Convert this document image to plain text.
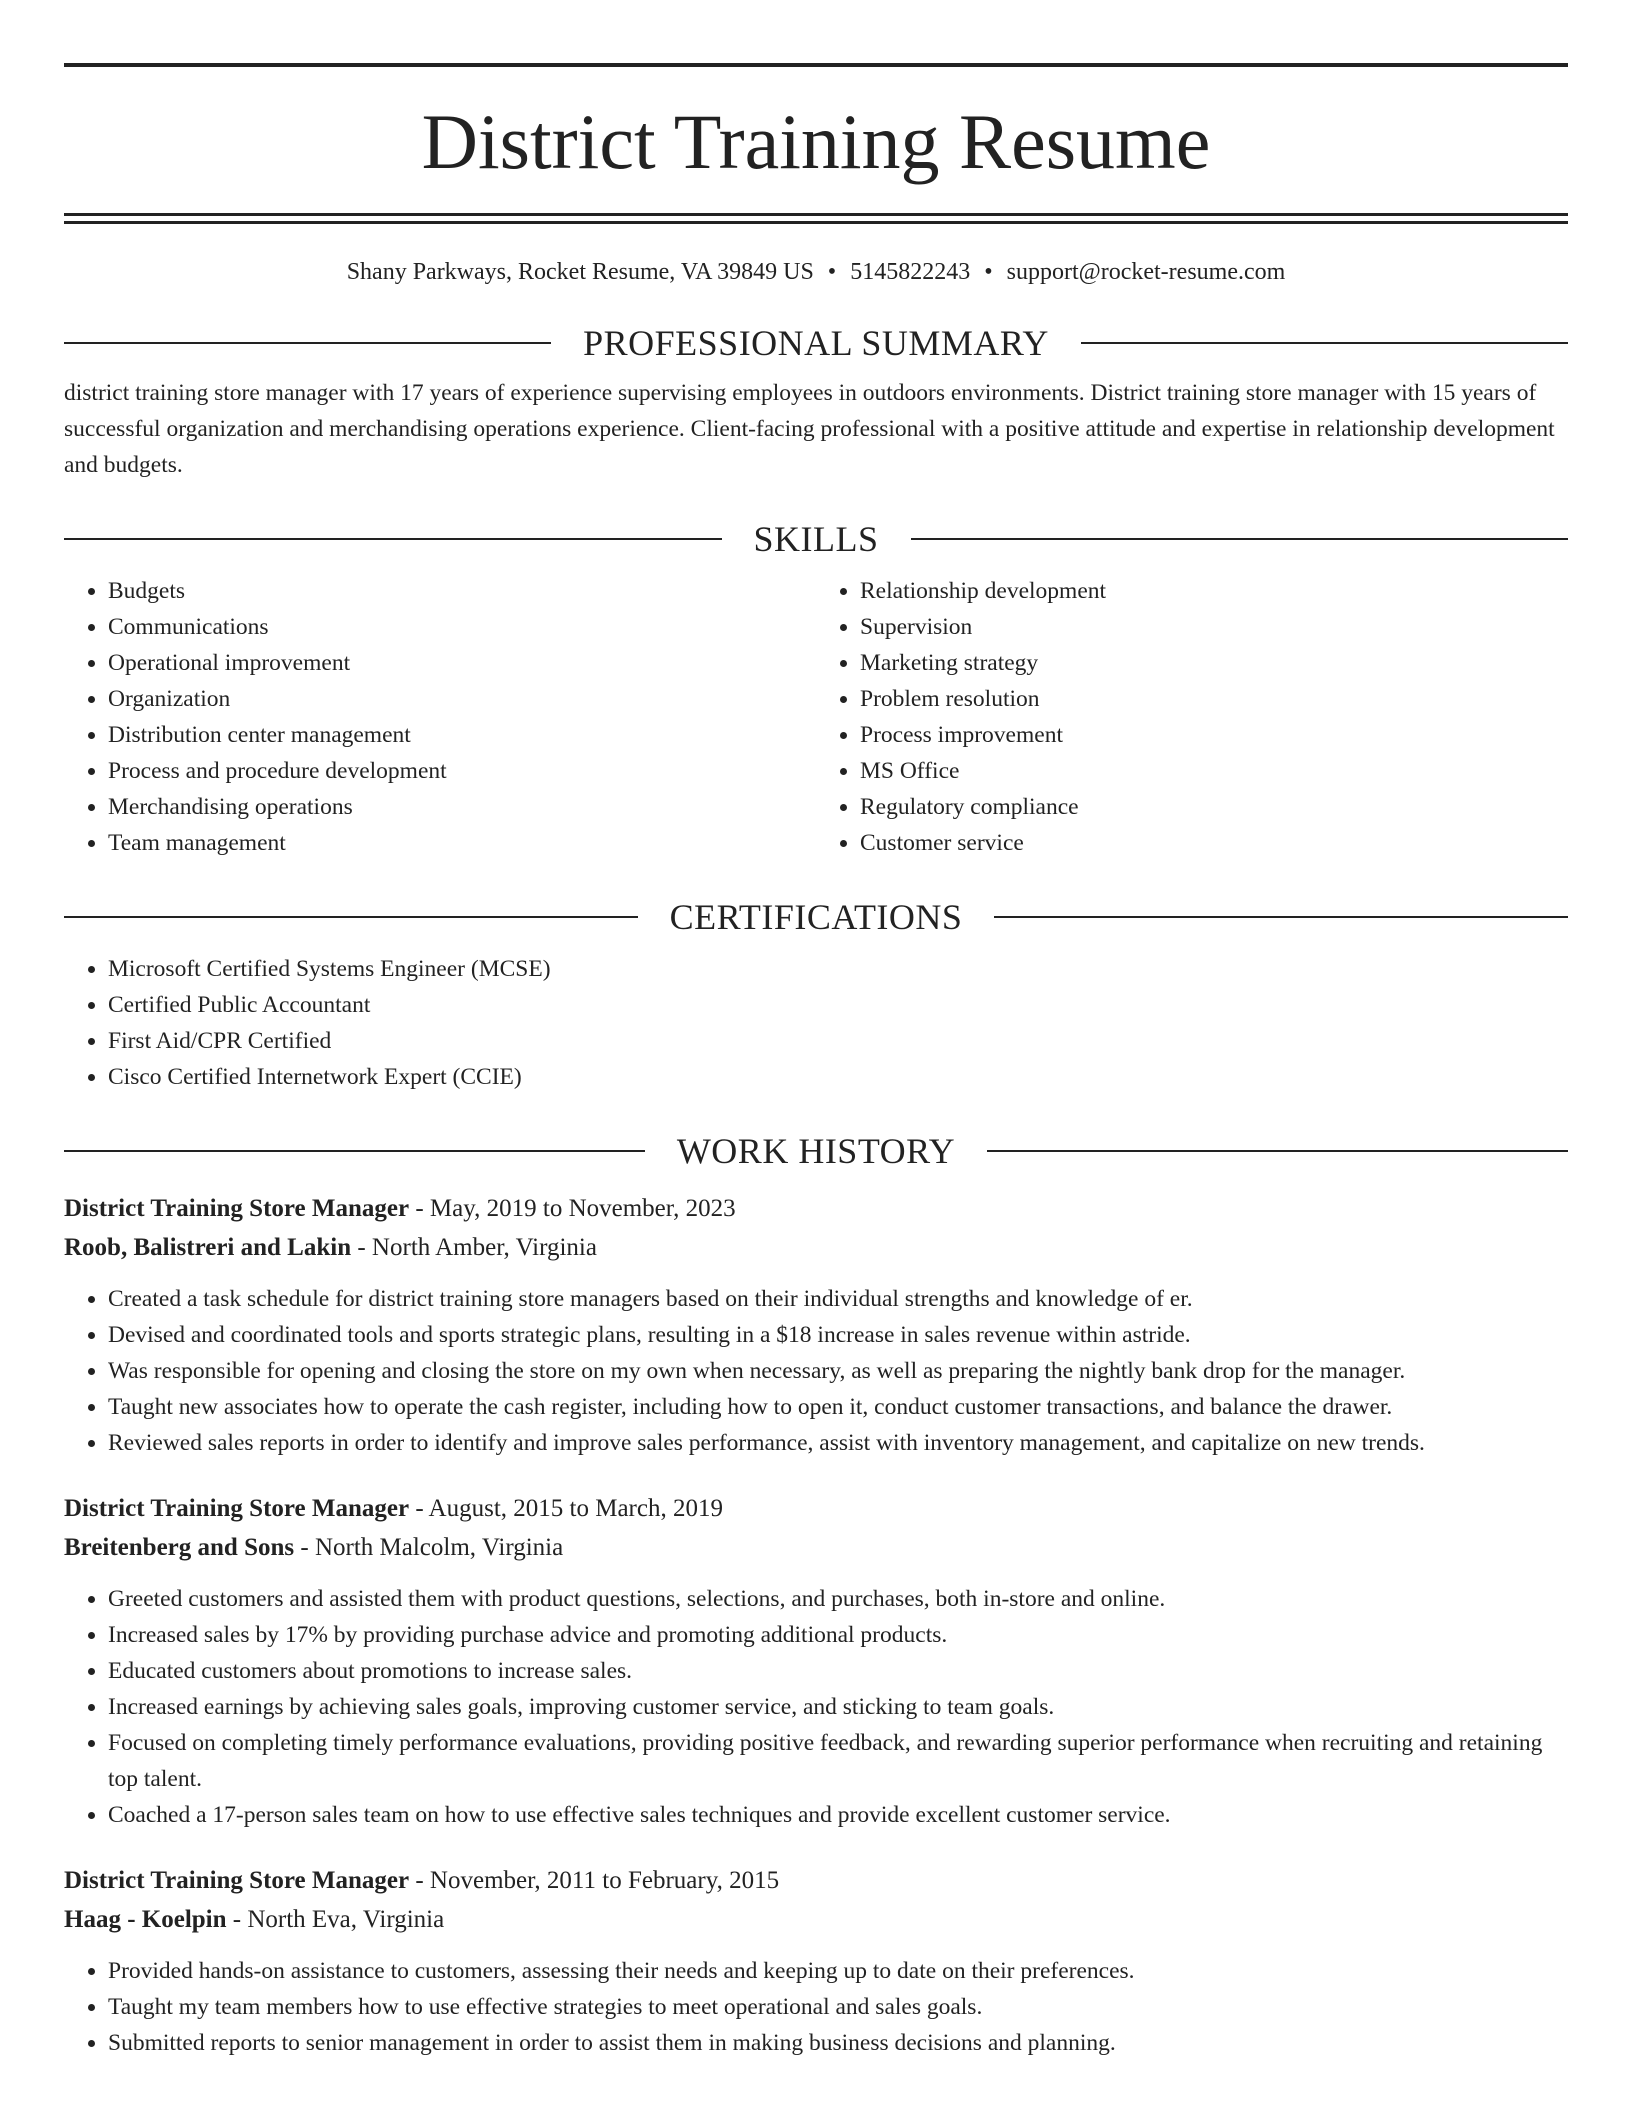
District Training Resume
Shany Parkways, Rocket Resume, VA 39849 US • 5145822243 • support@rocket-resume.com
PROFESSIONAL SUMMARY

district training store manager with 17 years of experience supervising employees in outdoors environments. District training store manager with 15 years of successful organization and merchandising operations experience. Client-facing professional with a positive attitude and expertise in relationship development and budgets.

SKILLS
• Budgets
• Communications
• Operational improvement
• Organization
• Distribution center management
• Process and procedure development
• Merchandising operations
• Team management
• Relationship development
• Supervision
• Marketing strategy
• Problem resolution
• Process improvement
• MS Office
• Regulatory compliance
• Customer service
CERTIFICATIONS
• Microsoft Certified Systems Engineer (MCSE)
• Certified Public Accountant
• First Aid/CPR Certified
• Cisco Certified Internetwork Expert (CCIE)
WORK HISTORY
District Training Store Manager - May, 2019 to November, 2023
Roob, Balistreri and Lakin - North Amber, Virginia
• Created a task schedule for district training store managers based on their individual strengths and knowledge of er.
• Devised and coordinated tools and sports strategic plans, resulting in a $18 increase in sales revenue within astride.
• Was responsible for opening and closing the store on my own when necessary, as well as preparing the nightly bank drop for the manager.
• Taught new associates how to operate the cash register, including how to open it, conduct customer transactions, and balance the drawer.
• Reviewed sales reports in order to identify and improve sales performance, assist with inventory management, and capitalize on new trends.
District Training Store Manager - August, 2015 to March, 2019
Breitenberg and Sons - North Malcolm, Virginia
• Greeted customers and assisted them with product questions, selections, and purchases, both in-store and online.
• Increased sales by 17% by providing purchase advice and promoting additional products.
• Educated customers about promotions to increase sales.
• Increased earnings by achieving sales goals, improving customer service, and sticking to team goals.
• Focused on completing timely performance evaluations, providing positive feedback, and rewarding superior performance when recruiting and retaining top talent.
• Coached a 17-person sales team on how to use effective sales techniques and provide excellent customer service.
District Training Store Manager - November, 2011 to February, 2015
Haag - Koelpin - North Eva, Virginia
• Provided hands-on assistance to customers, assessing their needs and keeping up to date on their preferences.
• Taught my team members how to use effective strategies to meet operational and sales goals.
• Submitted reports to senior management in order to assist them in making business decisions and planning.
